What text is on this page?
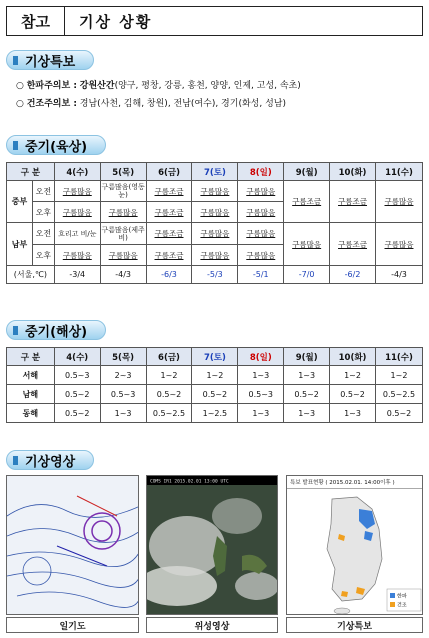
참고	기상 상황
기상특보
○ 한파주의보 : 강원산간(양구, 평창, 강릉, 홍천, 양양, 인제, 고성, 속초)
○ 건조주의보 : 경남(사천, 김해, 창원), 전남(여수), 경기(화성, 성남)
중기(육상)
구 분		4(수)	5(목)	6(금)	7(토)	8(일)	9(월)	10(화)	11(수)
중부	오전	구름많음	구름많음(영동 눈)	구름조금	구름많음	구름많음	구름조금	구름조금	구름많음
	오후	구름많음	구름많음	구름조금	구름많음	구름많음			
남부	오전	흐리고 비/눈	구름많음(제주 비)	구름조금	구름많음	구름많음	구름많음	구름조금	구름많음
	오후	구름많음	구름많음	구름조금	구름많음	구름많음			
(서울,℃)		-3/4	-4/3	-6/3	-5/3	-5/1	-7/0	-6/2	-4/3
중기(해상)
구 분	4(수)	5(목)	6(금)	7(토)	8(일)	9(월)	10(화)	11(수)
서해	0.5~3	2~3	1~2	1~2	1~3	1~3	1~2	1~2
남해	0.5~2	0.5~3	0.5~2	0.5~2	0.5~3	0.5~2	0.5~2	0.5~2.5
동해	0.5~2	1~3	0.5~2.5	1~2.5	1~3	1~3	1~3	0.5~2
기상영상
COMS IR1 2015.02.01 13:00 UTC	특보 발표현황 ( 2015.02.01. 14:00이후 )
한파
건조
일기도	위성영상	기상특보
